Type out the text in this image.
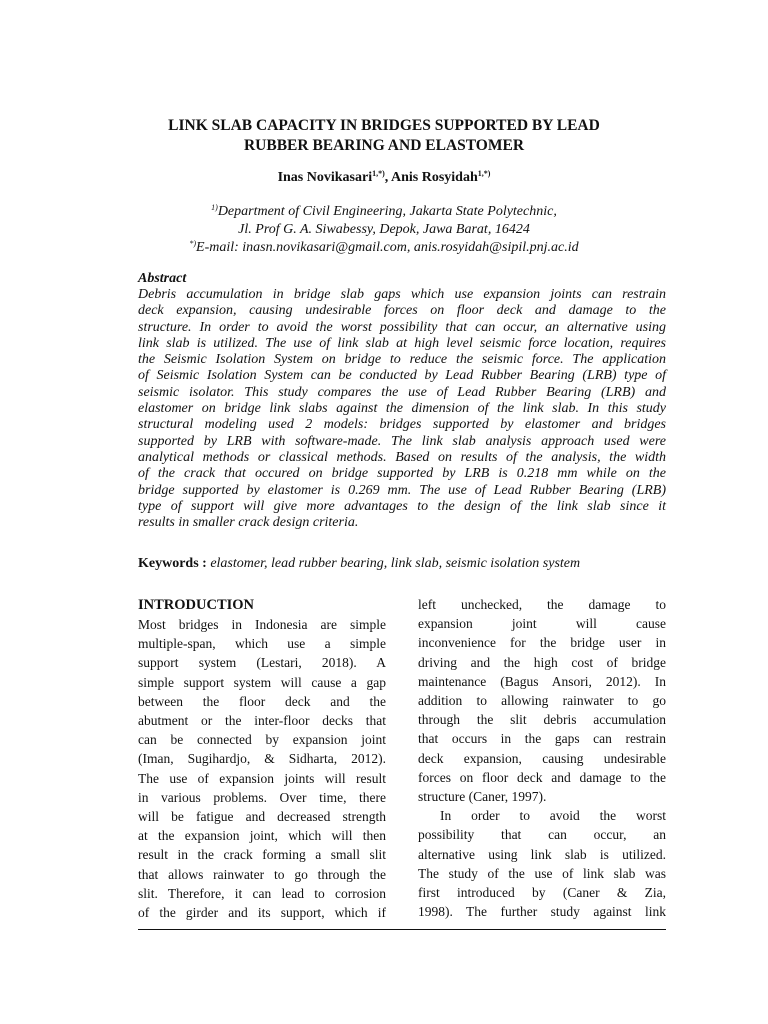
LINK SLAB CAPACITY IN BRIDGES SUPPORTED BY LEAD
RUBBER BEARING AND ELASTOMER
Inas Novikasari$^{1,*)}$, Anis Rosyidah$^{1,*)}$
$^{1)}$Department of Civil Engineering, Jakarta State Polytechnic,
Jl. Prof G. A. Siwabessy, Depok, Jawa Barat, 16424
*)E-mail: inasn.novikasari@gmail.com, anis.rosyidah@sipil.pnj.ac.id
Abstract
Debris accumulation in bridge slab gaps which use expansion joints can restrain
deck expansion, causing undesirable forces on floor deck and damage to the
structure. In order to avoid the worst possibility that can occur, an alternative using
link slab is utilized. The use of link slab at high level seismic force location, requires
the Seismic Isolation System on bridge to reduce the seismic force. The application
of Seismic Isolation System can be conducted by Lead Rubber Bearing (LRB) type of
seismic isolator. This study compares the use of Lead Rubber Bearing (LRB) and
elastomer on bridge link slabs against the dimension of the link slab. In this study
structural modeling used 2 models: bridges supported by elastomer and bridges
supported by LRB with software-made. The link slab analysis approach used were
analytical methods or classical methods. Based on results of the analysis, the width
of the crack that occured on bridge supported by LRB is 0.218 mm while on the
bridge supported by elastomer is 0.269 mm. The use of Lead Rubber Bearing (LRB)
type of support will give more advantages to the design of the link slab since it
results in smaller crack design criteria.
Keywords : elastomer, lead rubber bearing, link slab, seismic isolation system
INTRODUCTION
Most bridges in Indonesia are simple
multiple-span, which use a simple
support system (Lestari, 2018). A
simple support system will cause a gap
between the floor deck and the
abutment or the inter-floor decks that
can be connected by expansion joint
(Iman, Sugihardjo, & Sidharta, 2012).
The use of expansion joints will result
in various problems. Over time, there
will be fatigue and decreased strength
at the expansion joint, which will then
result in the crack forming a small slit
that allows rainwater to go through the
slit. Therefore, it can lead to corrosion
of the girder and its support, which if
left unchecked, the damage to
expansion joint will cause
inconvenience for the bridge user in
driving and the high cost of bridge
maintenance (Bagus Ansori, 2012). In
addition to allowing rainwater to go
through the slit debris accumulation
that occurs in the gaps can restrain
deck expansion, causing undesirable
forces on floor deck and damage to the
structure (Caner, 1997).
In order to avoid the worst
possibility that can occur, an
alternative using link slab is utilized.
The study of the use of link slab was
first introduced by (Caner & Zia,
1998). The further study against link
